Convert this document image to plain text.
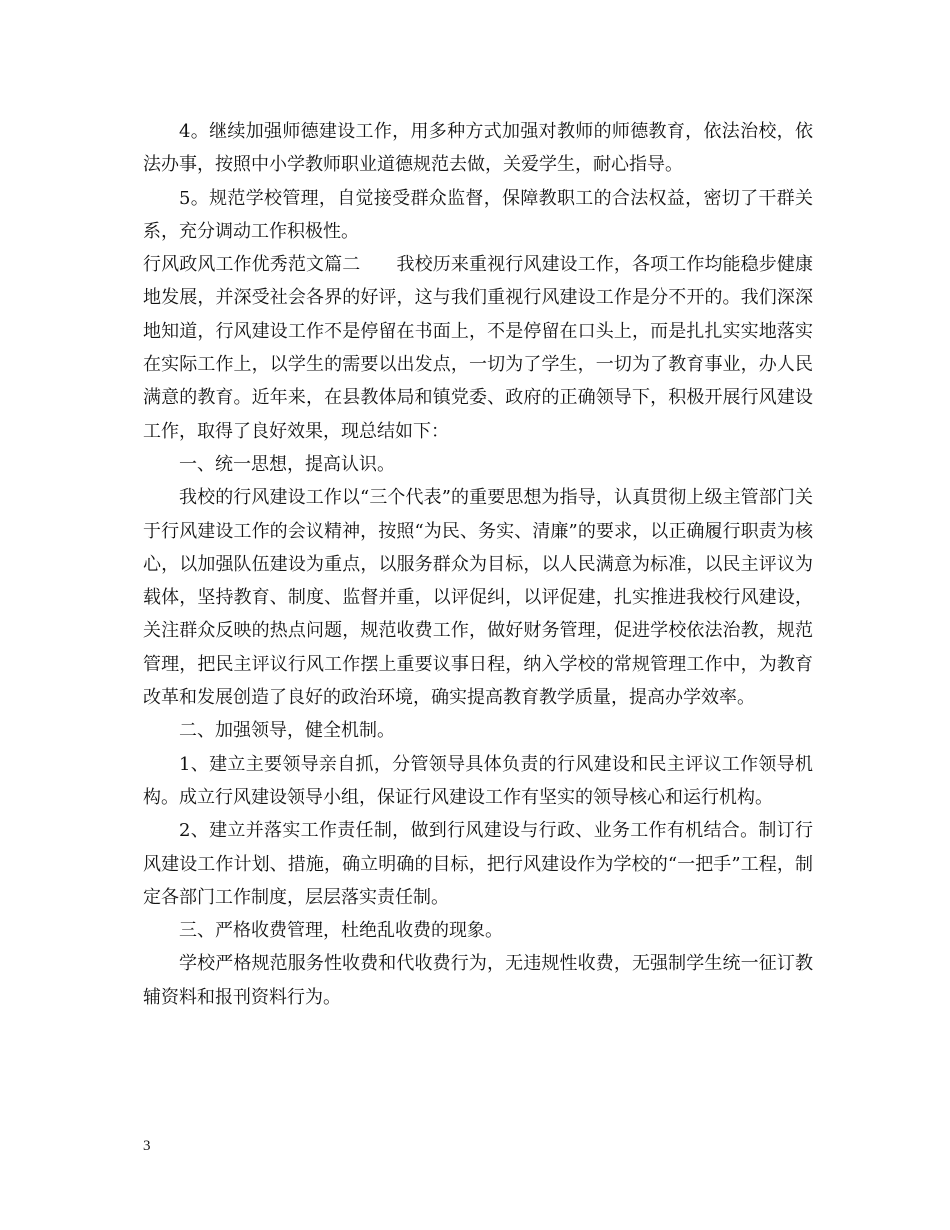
4。继续加强师德建设工作，用多种方式加强对教师的师德教育，依法治校，依法办事，按照中小学教师职业道德规范去做，关爱学生，耐心指导。

5。规范学校管理，自觉接受群众监督，保障教职工的合法权益，密切了干群关系，充分调动工作积极性。

行风政风工作优秀范文篇二　　我校历来重视行风建设工作，各项工作均能稳步健康地发展，并深受社会各界的好评，这与我们重视行风建设工作是分不开的。我们深深地知道，行风建设工作不是停留在书面上，不是停留在口头上，而是扎扎实实地落实在实际工作上，以学生的需要以出发点，一切为了学生，一切为了教育事业，办人民满意的教育。近年来，在县教体局和镇党委、政府的正确领导下，积极开展行风建设工作，取得了良好效果，现总结如下：

一、统一思想，提高认识。

我校的行风建设工作以“三个代表”的重要思想为指导，认真贯彻上级主管部门关于行风建设工作的会议精神，按照“为民、务实、清廉”的要求，以正确履行职责为核心，以加强队伍建设为重点，以服务群众为目标，以人民满意为标准，以民主评议为载体，坚持教育、制度、监督并重，以评促纠，以评促建，扎实推进我校行风建设，关注群众反映的热点问题，规范收费工作，做好财务管理，促进学校依法治教，规范管理，把民主评议行风工作摆上重要议事日程，纳入学校的常规管理工作中，为教育改革和发展创造了良好的政治环境，确实提高教育教学质量，提高办学效率。

二、加强领导，健全机制。

1、建立主要领导亲自抓，分管领导具体负责的行风建设和民主评议工作领导机构。成立行风建设领导小组，保证行风建设工作有坚实的领导核心和运行机构。

2、建立并落实工作责任制，做到行风建设与行政、业务工作有机结合。制订行风建设工作计划、措施，确立明确的目标，把行风建设作为学校的“一把手”工程，制定各部门工作制度，层层落实责任制。

三、严格收费管理，杜绝乱收费的现象。

学校严格规范服务性收费和代收费行为，无违规性收费，无强制学生统一征订教辅资料和报刊资料行为。

3
